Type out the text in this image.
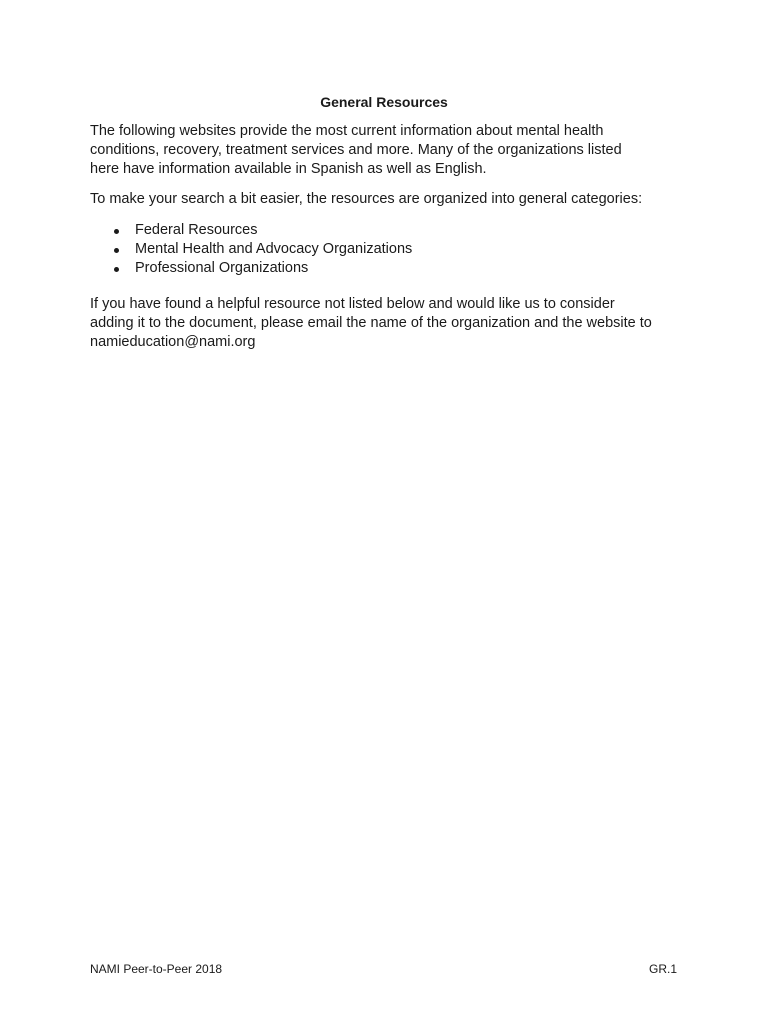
General Resources

The following websites provide the most current information about mental health
conditions, recovery, treatment services and more. Many of the organizations listed
here have information available in Spanish as well as English.

To make your search a bit easier, the resources are organized into general categories:

Federal Resources
Mental Health and Advocacy Organizations
Professional Organizations

If you have found a helpful resource not listed below and would like us to consider
adding it to the document, please email the name of the organization and the website to
namieducation@nami.org

NAMI Peer-to-Peer 2018	GR.1
